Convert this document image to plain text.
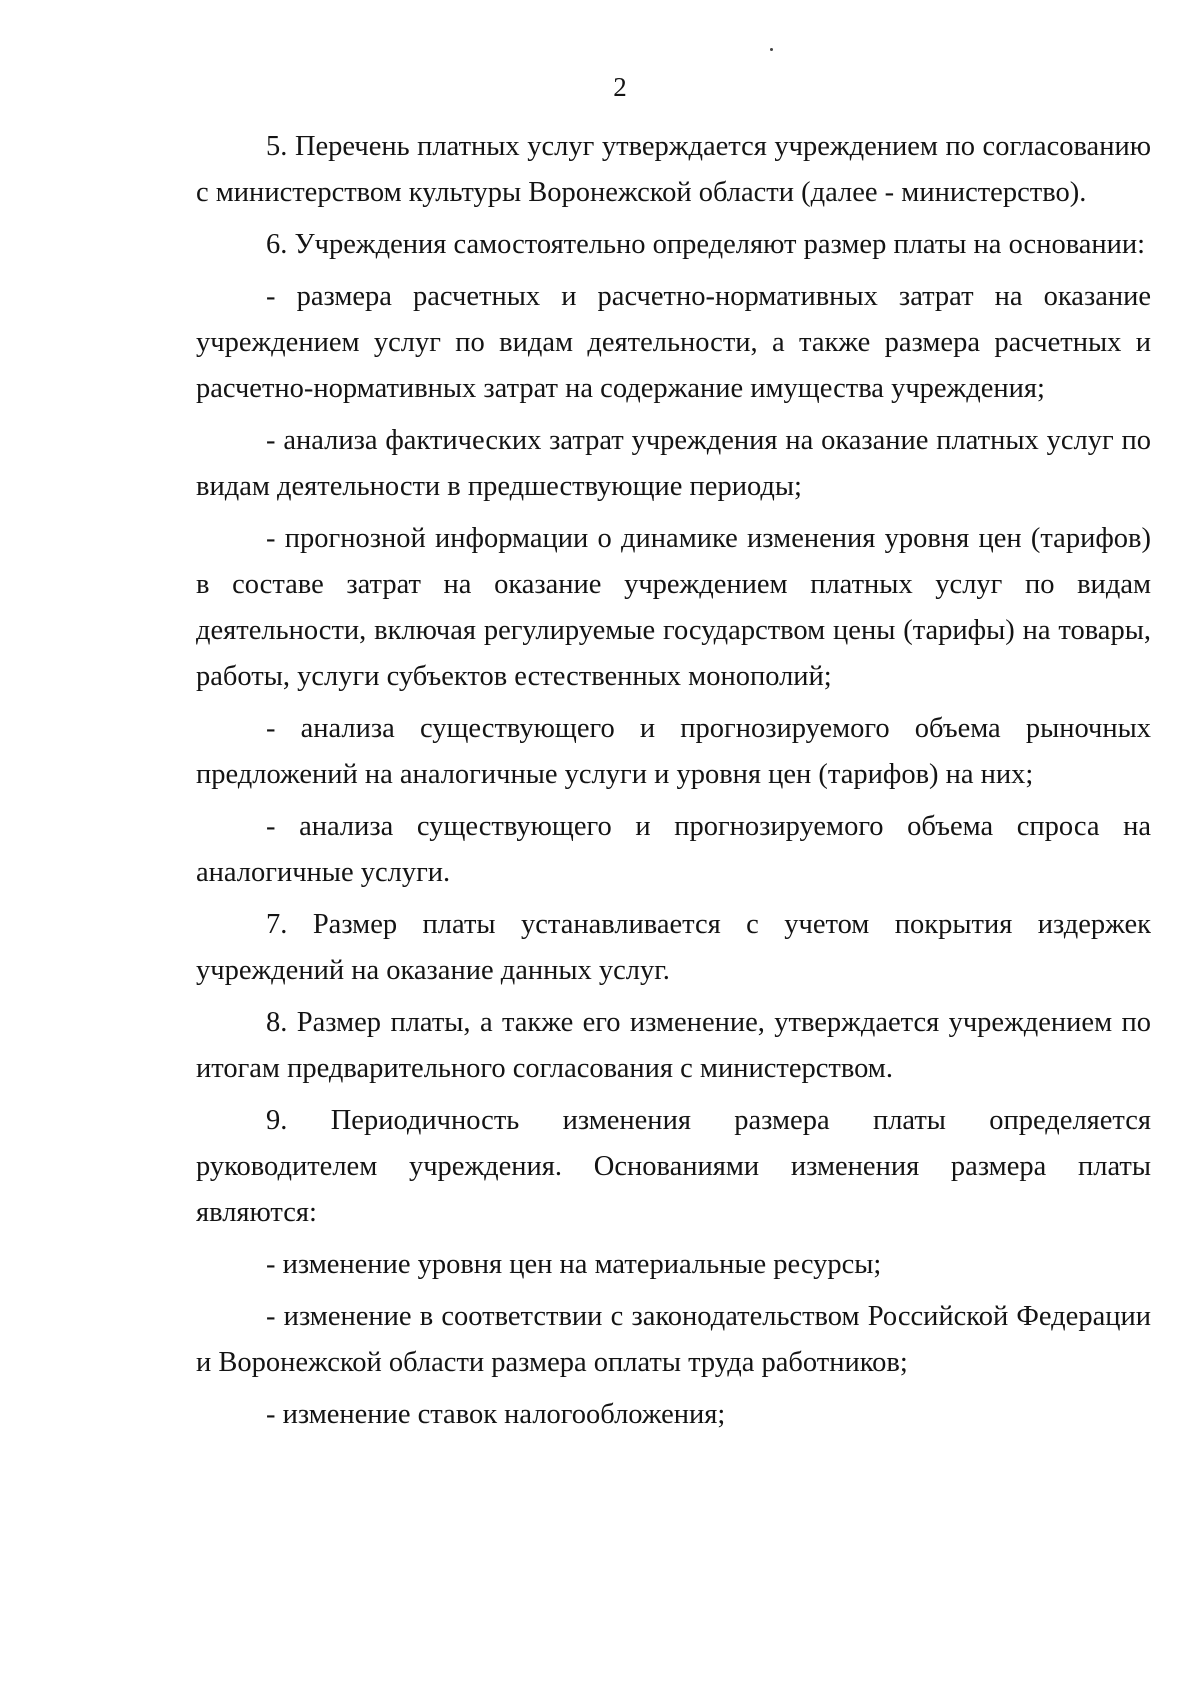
2

5. Перечень платных услуг утверждается учреждением по согласованию с министерством культуры Воронежской области (далее - министерство).

6. Учреждения самостоятельно определяют размер платы на основании:

- размера расчетных и расчетно-нормативных затрат на оказание учреждением услуг по видам деятельности, а также размера расчетных и расчетно-нормативных затрат на содержание имущества учреждения;

- анализа фактических затрат учреждения на оказание платных услуг по видам деятельности в предшествующие периоды;

- прогнозной информации о динамике изменения уровня цен (тарифов) в составе затрат на оказание учреждением платных услуг по видам деятельности, включая регулируемые государством цены (тарифы) на товары, работы, услуги субъектов естественных монополий;

- анализа существующего и прогнозируемого объема рыночных предложений на аналогичные услуги и уровня цен (тарифов) на них;

- анализа существующего и прогнозируемого объема спроса на аналогичные услуги.

7. Размер платы устанавливается с учетом покрытия издержек учреждений на оказание данных услуг.

8. Размер платы, а также его изменение, утверждается учреждением по итогам предварительного согласования с министерством.

9. Периодичность изменения размера платы определяется руководителем учреждения. Основаниями изменения размера платы являются:

- изменение уровня цен на материальные ресурсы;

- изменение в соответствии с законодательством Российской Федерации и Воронежской области размера оплаты труда работников;

- изменение ставок налогообложения;
